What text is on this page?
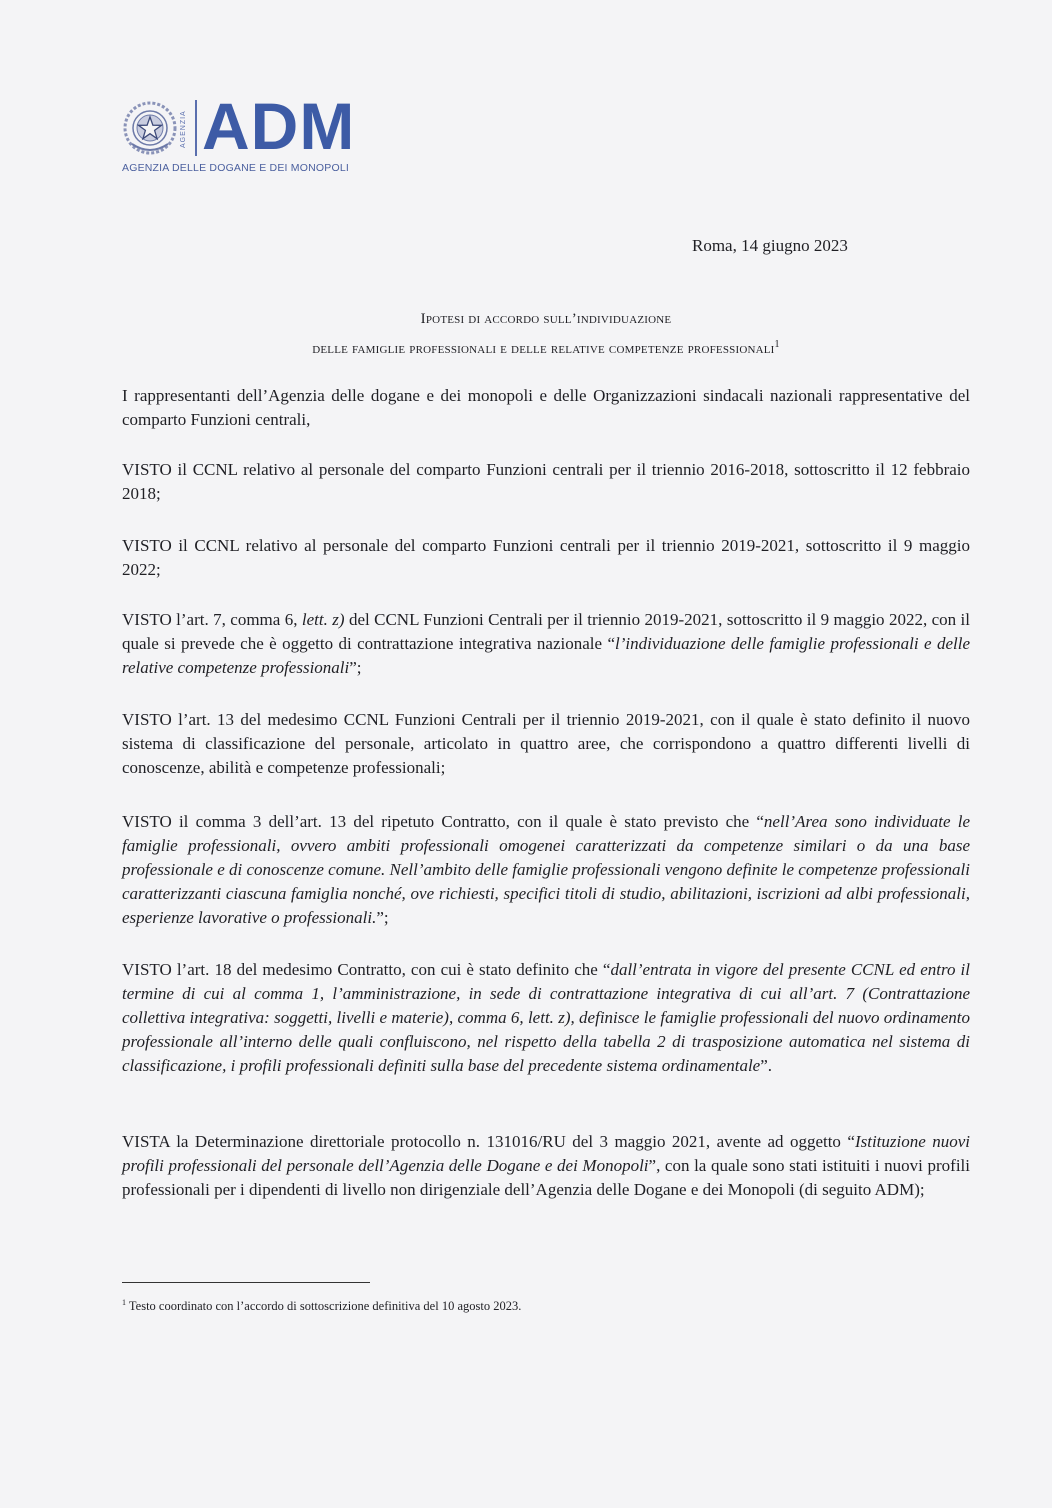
AGENZIA ADM
AGENZIA DELLE DOGANE E DEI MONOPOLI
Roma, 14 giugno 2023
Ipotesi di accordo sull’individuazione
delle famiglie professionali e delle relative competenze professionali$^1$
I rappresentanti dell’Agenzia delle dogane e dei monopoli e delle Organizzazioni sindacali nazionali rappresentative del comparto Funzioni centrali,
VISTO il CCNL relativo al personale del comparto Funzioni centrali per il triennio 2016-2018, sottoscritto il 12 febbraio 2018;
VISTO il CCNL relativo al personale del comparto Funzioni centrali per il triennio 2019-2021, sottoscritto il 9 maggio 2022;
VISTO l’art. 7, comma 6, lett. z) del CCNL Funzioni Centrali per il triennio 2019-2021, sottoscritto il 9 maggio 2022, con il quale si prevede che è oggetto di contrattazione integrativa nazionale “l’individuazione delle famiglie professionali e delle relative competenze professionali”;
VISTO l’art. 13 del medesimo CCNL Funzioni Centrali per il triennio 2019-2021, con il quale è stato definito il nuovo sistema di classificazione del personale, articolato in quattro aree, che corrispondono a quattro differenti livelli di conoscenze, abilità e competenze professionali;
VISTO il comma 3 dell’art. 13 del ripetuto Contratto, con il quale è stato previsto che “nell’Area sono individuate le famiglie professionali, ovvero ambiti professionali omogenei caratterizzati da competenze similari o da una base professionale e di conoscenze comune. Nell’ambito delle famiglie professionali vengono definite le competenze professionali caratterizzanti ciascuna famiglia nonché, ove richiesti, specifici titoli di studio, abilitazioni, iscrizioni ad albi professionali, esperienze lavorative o professionali.”;
VISTO l’art. 18 del medesimo Contratto, con cui è stato definito che “dall’entrata in vigore del presente CCNL ed entro il termine di cui al comma 1, l’amministrazione, in sede di contrattazione integrativa di cui all’art. 7 (Contrattazione collettiva integrativa: soggetti, livelli e materie), comma 6, lett. z), definisce le famiglie professionali del nuovo ordinamento professionale all’interno delle quali confluiscono, nel rispetto della tabella 2 di trasposizione automatica nel sistema di classificazione, i profili professionali definiti sulla base del precedente sistema ordinamentale”.
VISTA la Determinazione direttoriale protocollo n. 131016/RU del 3 maggio 2021, avente ad oggetto “Istituzione nuovi profili professionali del personale dell’Agenzia delle Dogane e dei Monopoli”, con la quale sono stati istituiti i nuovi profili professionali per i dipendenti di livello non dirigenziale dell’Agenzia delle Dogane e dei Monopoli (di seguito ADM);
$^1$ Testo coordinato con l’accordo di sottoscrizione definitiva del 10 agosto 2023.
